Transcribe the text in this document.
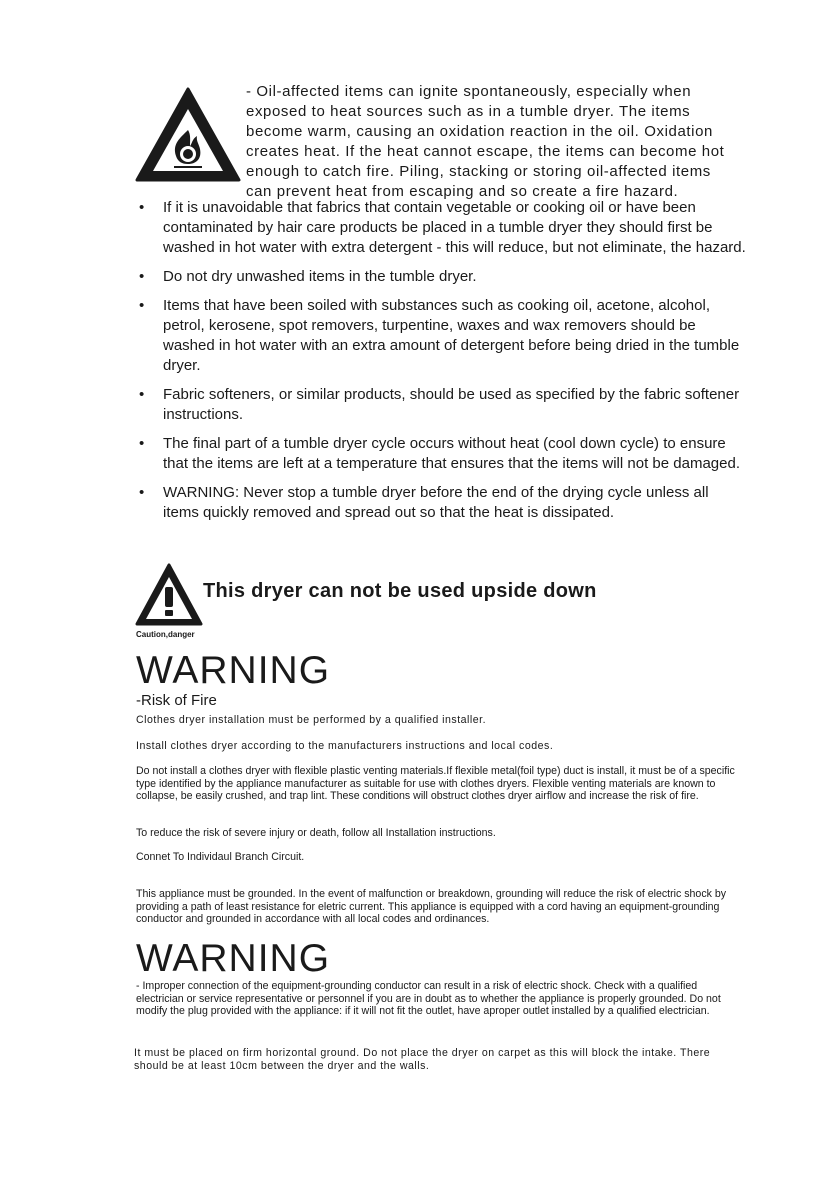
- Oil-affected items can ignite spontaneously, especially when
exposed to heat sources such as in a tumble dryer. The items
become warm, causing an oxidation reaction in the oil. Oxidation
creates heat. If the heat cannot escape, the items can become hot
enough to catch fire. Piling, stacking or storing oil-affected items
can prevent heat from escaping and so create a fire hazard.
• If it is unavoidable that fabrics that contain vegetable or cooking oil or have been contaminated by hair care products be placed in a tumble dryer they should first be washed in hot water with extra detergent - this will reduce, but not eliminate, the hazard.
• Do not dry unwashed items in the tumble dryer.
• Items that have been soiled with substances such as cooking oil, acetone, alcohol, petrol, kerosene, spot removers, turpentine, waxes and wax removers should be washed in hot water with an extra amount of detergent before being dried in the tumble dryer.
• Fabric softeners, or similar products, should be used as specified by the fabric softener instructions.
• The final part of a tumble dryer cycle occurs without heat (cool down cycle) to ensure that the items are left at a temperature that ensures that the items will not be damaged.
• WARNING: Never stop a tumble dryer before the end of the drying cycle unless all items quickly removed and spread out so that the heat is dissipated.
This dryer can not be used upside down
Caution,danger
WARNING
-Risk of Fire
Clothes dryer installation must be performed by a qualified installer.
Install clothes dryer according to the manufacturers instructions and local codes.
Do not install a clothes dryer with flexible plastic venting materials.If flexible metal(foil type) duct is install, it must be of a specific type identified by the appliance manufacturer as suitable for use with clothes dryers. Flexible venting materials are known to collapse, be easily crushed, and trap lint. These conditions will obstruct clothes dryer airflow and increase the risk of fire.
To reduce the risk of severe injury or death, follow all Installation instructions.
Connet To Individaul Branch Circuit.
This appliance must be grounded. In the event of malfunction or breakdown, grounding will reduce the risk of electric shock by providing a path of least resistance for eletric current. This appliance is equipped with a cord having an equipment-grounding conductor and grounded in accordance with all local codes and ordinances.
WARNING
- Improper connection of the equipment-grounding conductor can result in a risk of electric shock. Check with a qualified electrician or service representative or personnel if you are in doubt as to whether the appliance is properly grounded. Do not modify the plug provided with the appliance: if it will not fit the outlet, have aproper outlet installed by a qualified electrician.
It must be placed on firm horizontal ground. Do not place the dryer on carpet as this will block the intake. There should be at least 10cm between the dryer and the walls.
